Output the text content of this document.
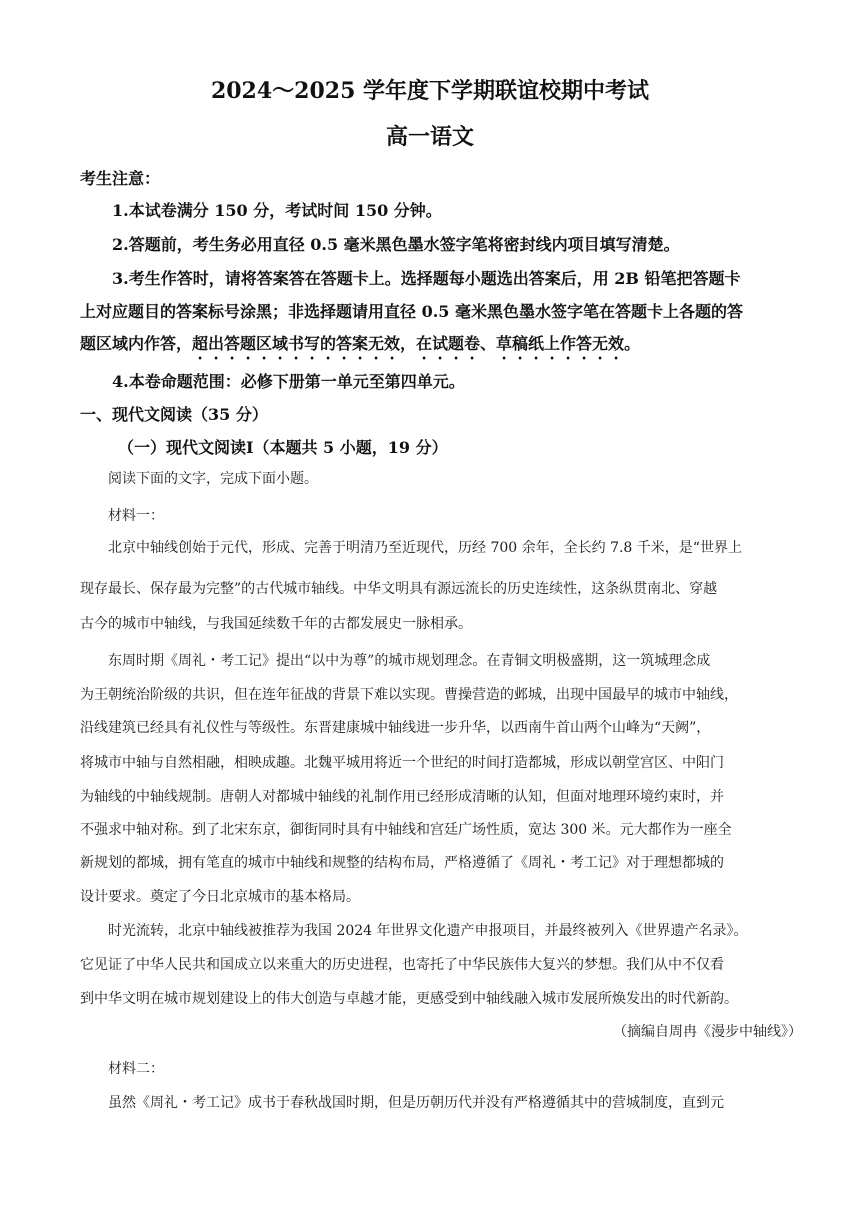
2024～2025 学年度下学期联谊校期中考试
高一语文
考生注意：
1.本试卷满分 150 分，考试时间 150 分钟。
2.答题前，考生务必用直径 0.5 毫米黑色墨水签字笔将密封线内项目填写清楚。
3.考生作答时，请将答案答在答题卡上。选择题每小题选出答案后，用 2B 铅笔把答题卡
上对应题目的答案标号涂黑；非选择题请用直径 0.5 毫米黑色墨水签字笔在答题卡上各题的答
题区域内作答，超出答题区域书写的答案无效，在试题卷、草稿纸上作答无效。
4.本卷命题范围：必修下册第一单元至第四单元。
一、现代文阅读（35 分）
（一）现代文阅读Ⅰ（本题共 5 小题，19 分）
阅读下面的文字，完成下面小题。
材料一：
北京中轴线创始于元代，形成、完善于明清乃至近现代，历经 700 余年，全长约 7.8 千米，是“世界上
现存最长、保存最为完整”的古代城市轴线。中华文明具有源远流长的历史连续性，这条纵贯南北、穿越
古今的城市中轴线，与我国延续数千年的古都发展史一脉相承。
东周时期《周礼・考工记》提出“以中为尊”的城市规划理念。在青铜文明极盛期，这一筑城理念成
为王朝统治阶级的共识，但在连年征战的背景下难以实现。曹操营造的邺城，出现中国最早的城市中轴线，
沿线建筑已经具有礼仪性与等级性。东晋建康城中轴线进一步升华，以西南牛首山两个山峰为“天阙”，
将城市中轴与自然相融，相映成趣。北魏平城用将近一个世纪的时间打造都城，形成以朝堂宫区、中阳门
为轴线的中轴线规制。唐朝人对都城中轴线的礼制作用已经形成清晰的认知，但面对地理环境约束时，并
不强求中轴对称。到了北宋东京，御街同时具有中轴线和宫廷广场性质，宽达 300 米。元大都作为一座全
新规划的都城，拥有笔直的城市中轴线和规整的结构布局，严格遵循了《周礼・考工记》对于理想都城的
设计要求。奠定了今日北京城市的基本格局。
时光流转，北京中轴线被推荐为我国 2024 年世界文化遗产申报项目，并最终被列入《世界遗产名录》。
它见证了中华人民共和国成立以来重大的历史进程，也寄托了中华民族伟大复兴的梦想。我们从中不仅看
到中华文明在城市规划建设上的伟大创造与卓越才能，更感受到中轴线融入城市发展所焕发出的时代新韵。
（摘编自周冉《漫步中轴线》）
材料二：
虽然《周礼・考工记》成书于春秋战国时期，但是历朝历代并没有严格遵循其中的营城制度，直到元
